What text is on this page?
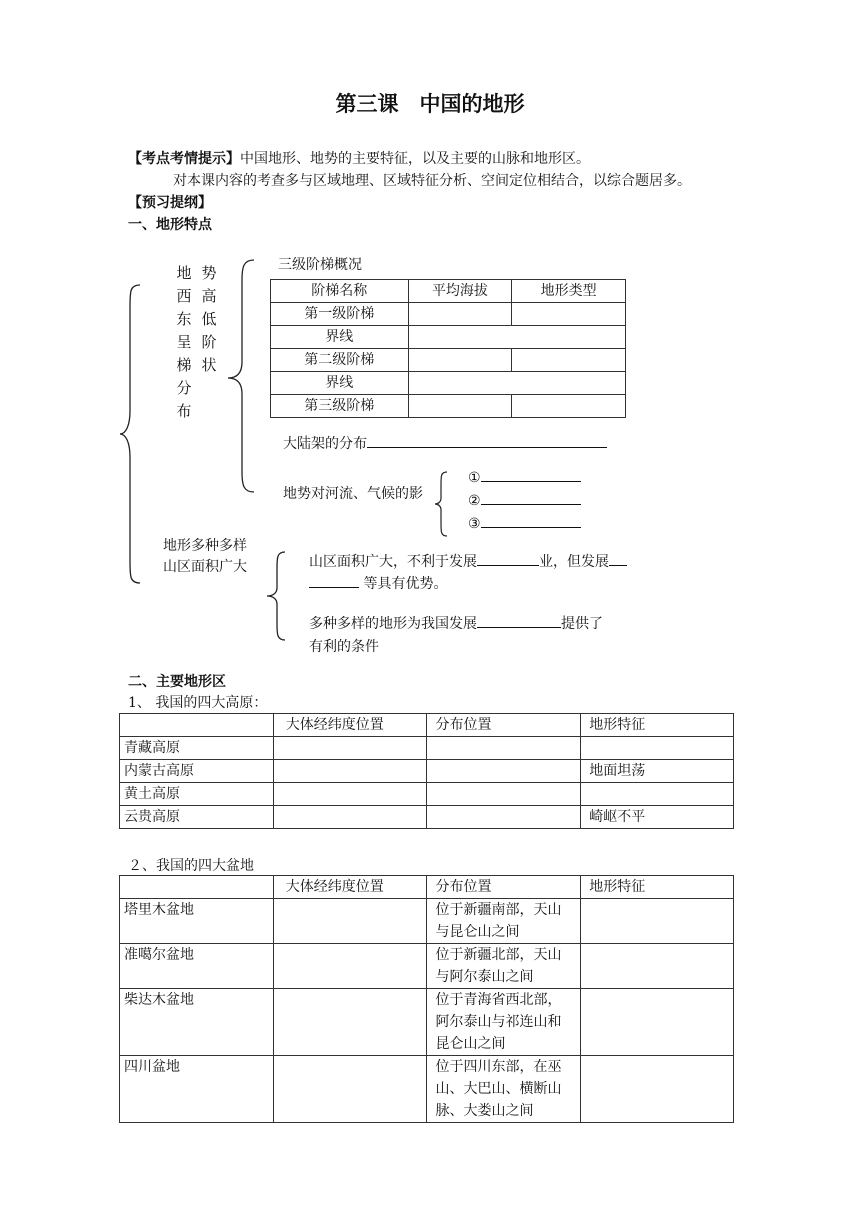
第三课　中国的地形
【考点考情提示】中国地形、地势的主要特征，以及主要的山脉和地形区。
对本课内容的考查多与区域地理、区域特征分析、空间定位相结合，以综合题居多。
【预习提纲】
一、地形特点
地
西
东
呈
梯
分
布
势
高
低
阶
状
三级阶梯概况
阶梯名称	平均海拔	地形类型
第一级阶梯		
界线		
第二级阶梯		
界线		
第三级阶梯		
大陆架的分布
地势对河流、气候的影
①
②
③
地形多种多样
山区面积广大	山区面积广大，不利于发展	业，但发展
等具有优势。
多种多样的地形为我国发展	提供了
有利的条件
二、主要地形区
1、 我国的四大高原：
	大体经纬度位置	分布位置	地形特征
青藏高原			
内蒙古高原			地面坦荡
黄土高原			
云贵高原			崎岖不平
２、我国的四大盆地
	大体经纬度位置	分布位置	地形特征
塔里木盆地		位于新疆南部，天山
与昆仑山之间	

准噶尔盆地		位于新疆北部，天山
与阿尔泰山之间	

柴达木盆地		位于青海省西北部，
阿尔泰山与祁连山和
昆仑山之间	

四川盆地		位于四川东部，在巫
山、大巴山、横断山
脉、大娄山之间	
